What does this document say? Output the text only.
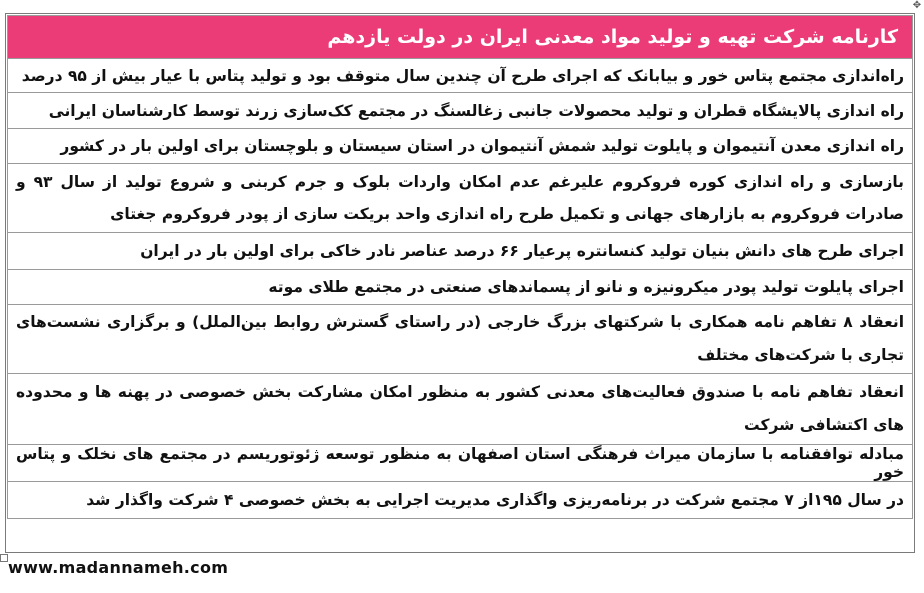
✥
کارنامه شرکت تهیه و تولید مواد معدنی ایران در دولت یازدهم
راه‌اندازی مجتمع پتاس خور و بیابانک که اجرای طرح آن چندین سال متوقف بود و تولید پتاس با عیار بیش از ۹۵ درصد
راه اندازی پالایشگاه قطران و تولید محصولات جانبی زغالسنگ در مجتمع کک‌سازی زرند توسط کارشناسان ایرانی
راه اندازی معدن آنتیموان و پایلوت تولید شمش آنتیموان در استان سیستان و بلوچستان برای اولین بار در کشور
بازسازی و راه اندازی کوره فروکروم علیرغم عدم امکان واردات بلوک و جرم کربنی و شروع تولید از سال ۹۳ و صادرات فروکروم به بازارهای جهانی و تکمیل طرح راه اندازی واحد بریکت سازی از پودر فروکروم جغتای
اجرای طرح های دانش بنیان تولید کنسانتره پرعیار ۶۶ درصد عناصر نادر خاکی برای اولین بار در ایران
اجرای پایلوت تولید پودر میکرونیزه و نانو از پسماندهای صنعتی در مجتمع طلای موته
انعقاد ۸ تفاهم نامه همکاری با شرکتهای بزرگ خارجی (در راستای گسترش روابط بین‌الملل) و برگزاری نشست‌های تجاری با شرکت‌های مختلف
انعقاد تفاهم نامه با صندوق فعالیت‌های معدنی کشور به منظور امکان مشارکت بخش خصوصی در پهنه ها و محدوده های اکتشافی شرکت
مبادله توافقنامه با سازمان میراث فرهنگی استان اصفهان به منظور توسعه ژئوتوریسم در مجتمع های نخلک و پتاس خور
در سال ۱۹۵از ۷ مجتمع شرکت در برنامه‌ریزی واگذاری مدیریت اجرایی به بخش خصوصی ۴ شرکت واگذار شد
www.madannameh.com
